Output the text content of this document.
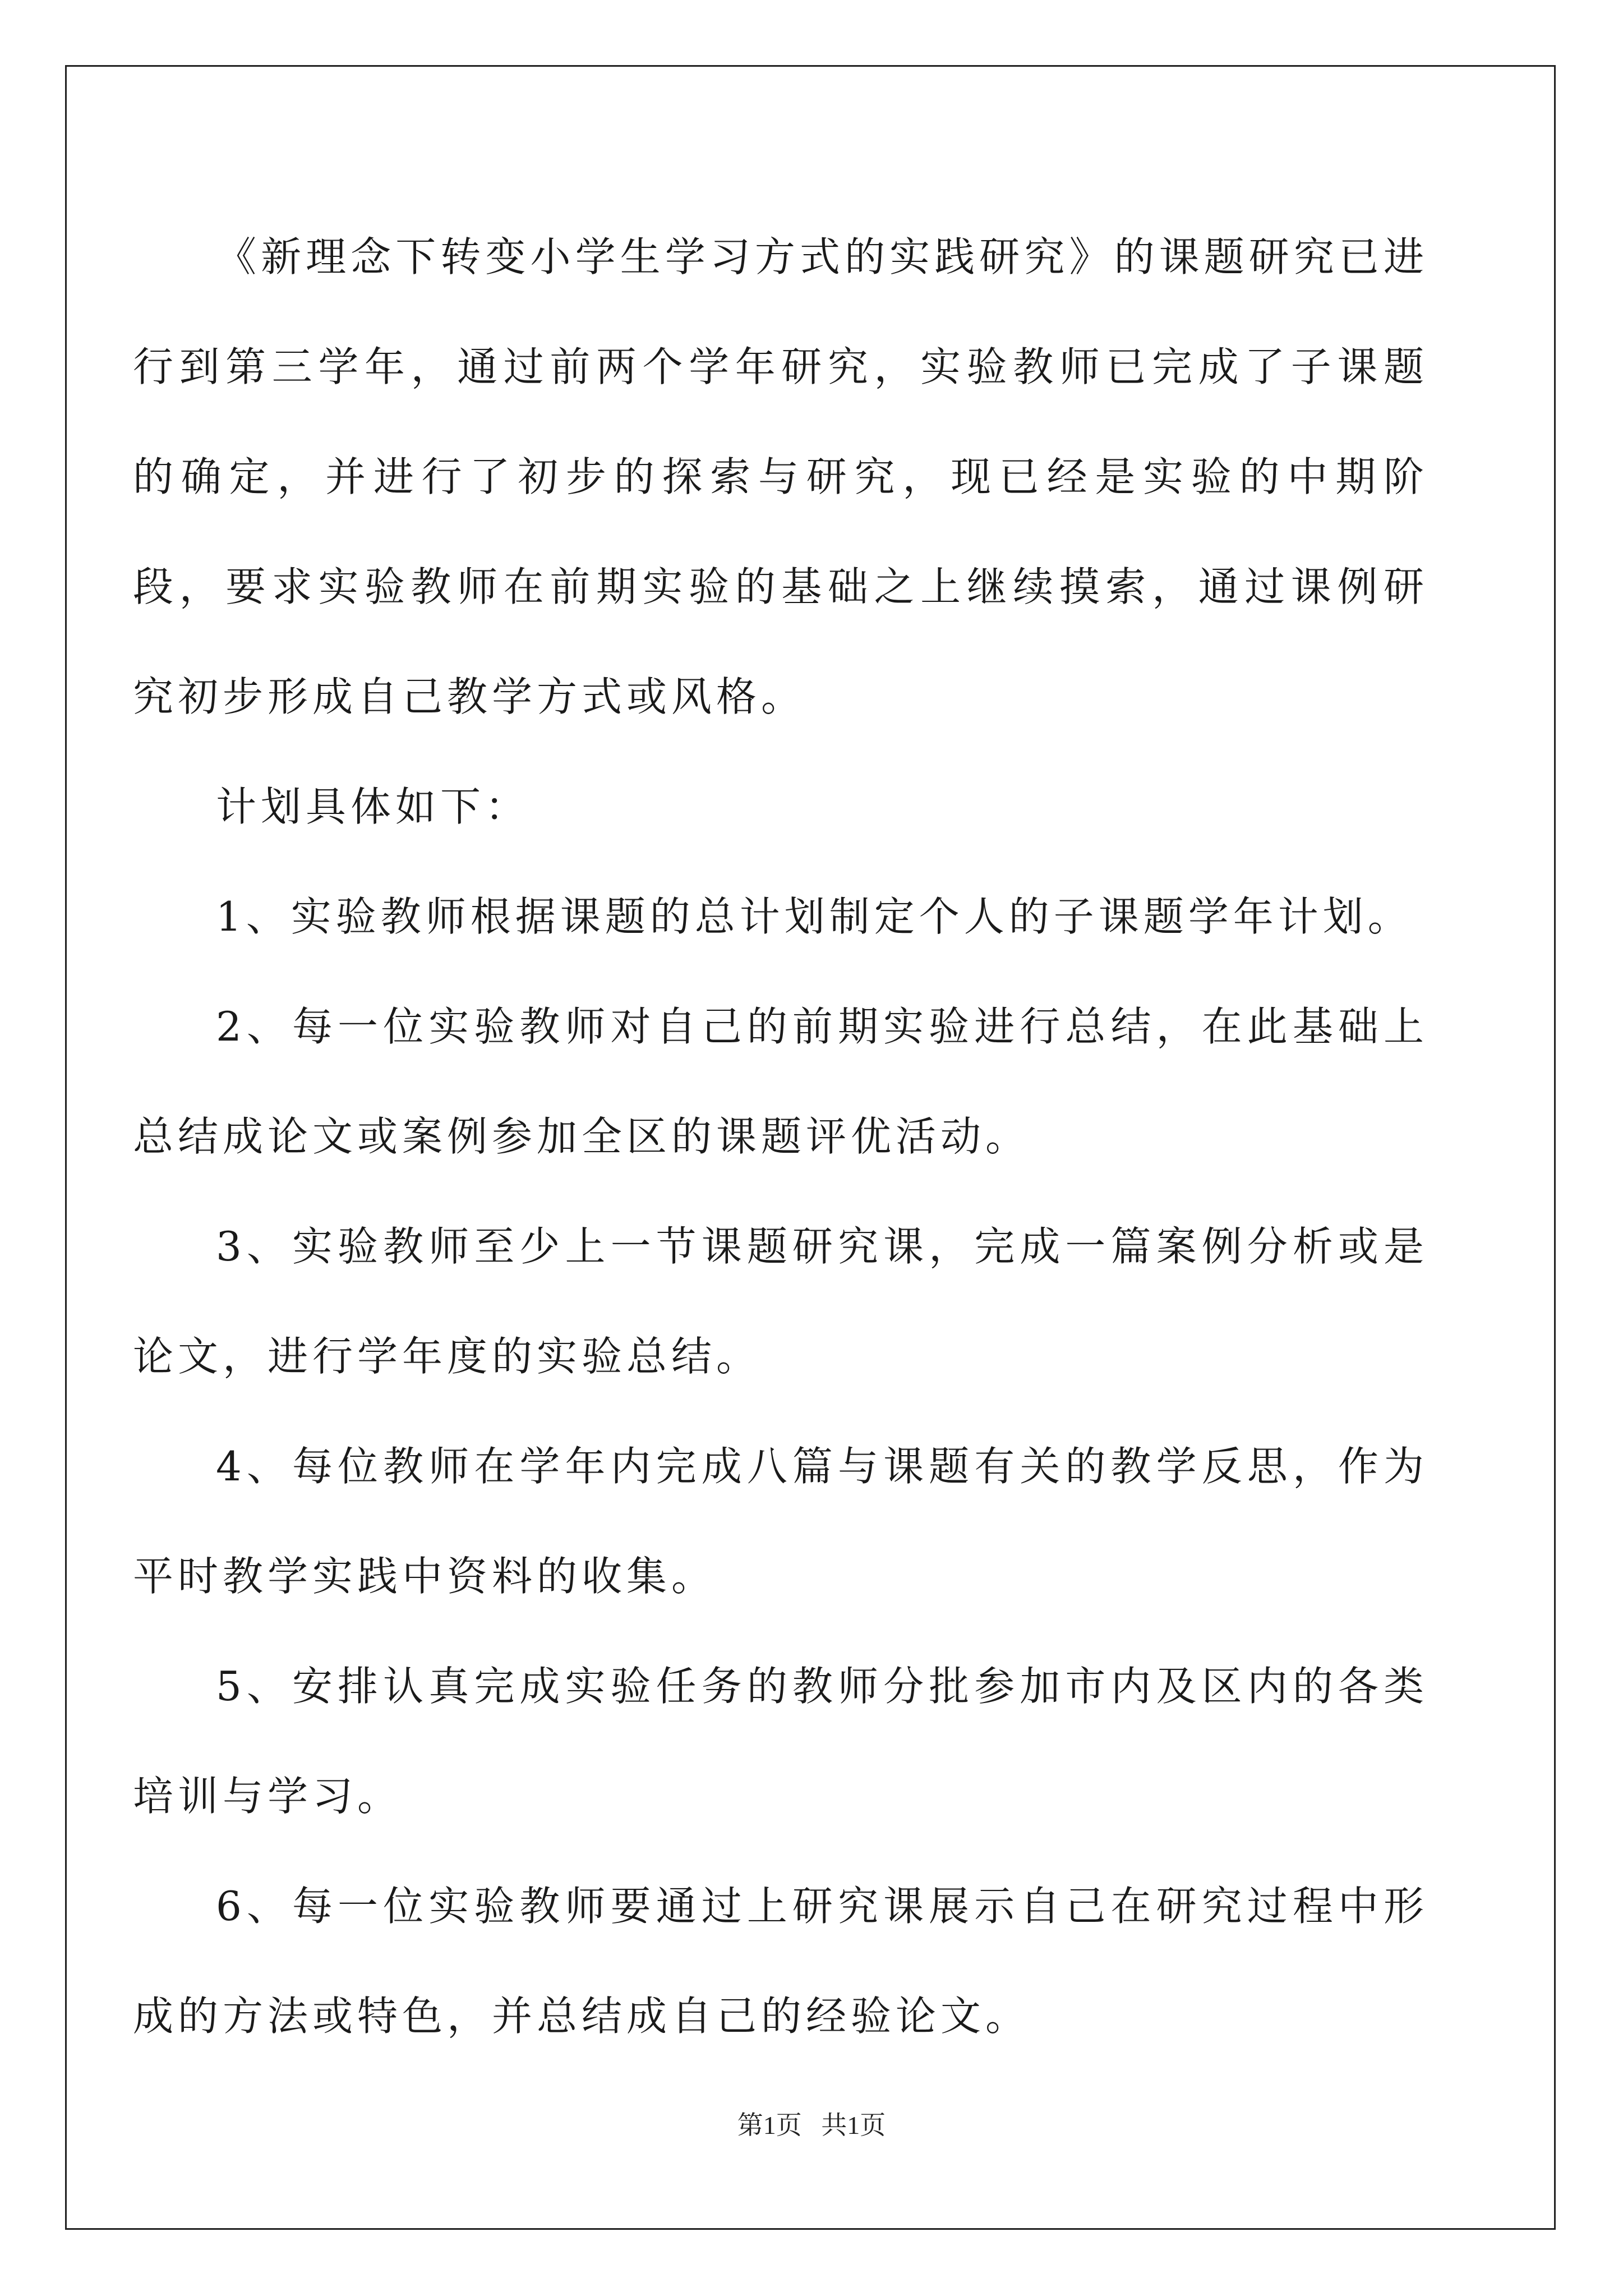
《新理念下转变小学生学习方式的实践研究》的课题研究已进行到第三学年，通过前两个学年研究，实验教师已完成了子课题的确定，并进行了初步的探索与研究，现已经是实验的中期阶段，要求实验教师在前期实验的基础之上继续摸索，通过课例研究初步形成自己教学方式或风格。

计划具体如下：

1、实验教师根据课题的总计划制定个人的子课题学年计划。

2、每一位实验教师对自己的前期实验进行总结，在此基础上总结成论文或案例参加全区的课题评优活动。

3、实验教师至少上一节课题研究课，完成一篇案例分析或是论文，进行学年度的实验总结。

4、每位教师在学年内完成八篇与课题有关的教学反思，作为平时教学实践中资料的收集。

5、安排认真完成实验任务的教师分批参加市内及区内的各类培训与学习。

6、每一位实验教师要通过上研究课展示自己在研究过程中形成的方法或特色，并总结成自己的经验论文。

第1页   共1页
